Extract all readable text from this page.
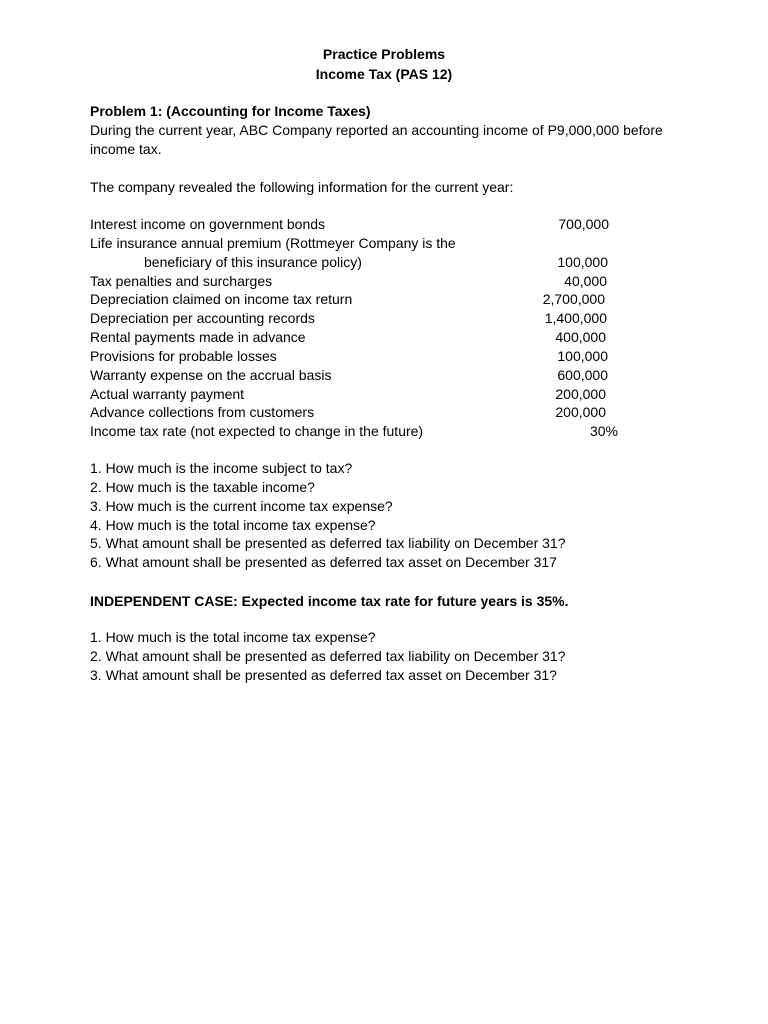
Practice Problems
Income Tax (PAS 12)
Problem 1: (Accounting for Income Taxes)
During the current year, ABC Company reported an accounting income of P9,000,000 before
income tax.
The company revealed the following information for the current year:
Interest income on government bonds	700,000
Life insurance annual premium (Rottmeyer Company is the
beneficiary of this insurance policy)	100,000
Tax penalties and surcharges	40,000
Depreciation claimed on income tax return	2,700,000
Depreciation per accounting records	1,400,000
Rental payments made in advance	400,000
Provisions for probable losses	100,000
Warranty expense on the accrual basis	600,000
Actual warranty payment	200,000
Advance collections from customers	200,000
Income tax rate (not expected to change in the future)	30%
1. How much is the income subject to tax?
2. How much is the taxable income?
3. How much is the current income tax expense?
4. How much is the total income tax expense?
5. What amount shall be presented as deferred tax liability on December 31?
6. What amount shall be presented as deferred tax asset on December 317
INDEPENDENT CASE: Expected income tax rate for future years is 35%.
1. How much is the total income tax expense?
2. What amount shall be presented as deferred tax liability on December 31?
3. What amount shall be presented as deferred tax asset on December 31?
